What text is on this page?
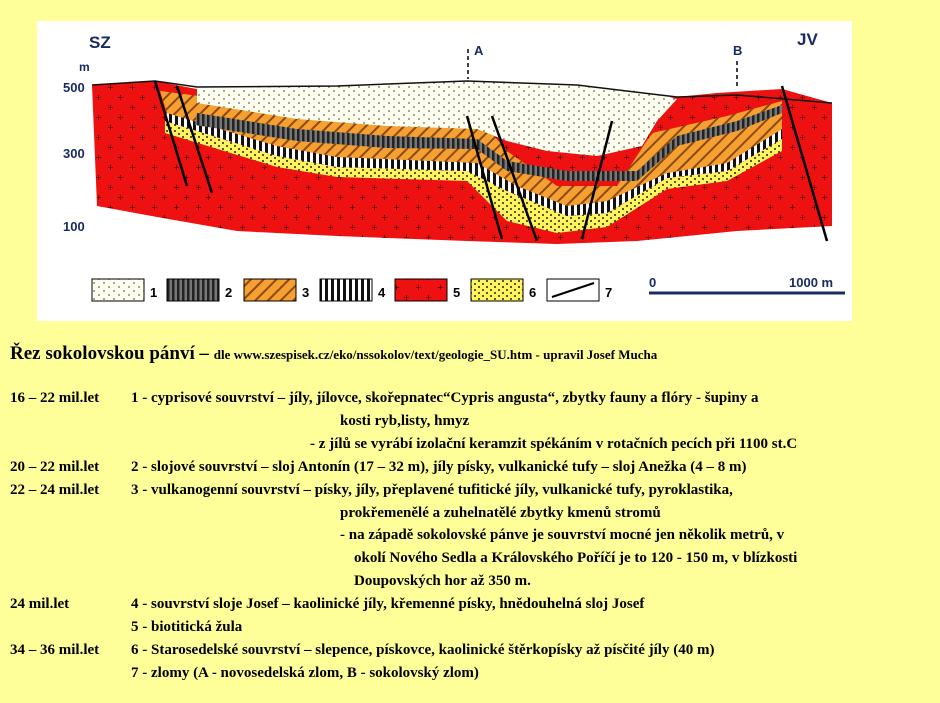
SZ	JV
m
500
300
100
A	B
1	2	3	4	5	6	7
0	1000 m
Řez sokolovskou pánví – dle www.szespisek.cz/eko/nssokolov/text/geologie_SU.htm - upravil Josef Mucha
16 – 22 mil.let 1 - cyprisové souvrství – jíly, jílovce, skořepnatec“Cypris angusta“, zbytky fauny a flóry - šupiny a
kosti ryb,listy, hmyz
- z jílů se vyrábí izolační keramzit spékáním v rotačních pecích při 1100 st.C
20 – 22 mil.let 2 - slojové souvrství – sloj Antonín (17 – 32 m), jíly písky, vulkanické tufy – sloj Anežka (4 – 8 m)
22 – 24 mil.let 3 - vulkanogenní souvrství – písky, jíly, přeplavené tufitické jíly, vulkanické tufy, pyroklastika,
prokřemenělé a zuhelnatělé zbytky kmenů stromů
- na západě sokolovské pánve je souvrství mocné jen několik metrů, v
okolí Nového Sedla a Královského Poříčí je to 120 - 150 m, v blízkosti
Doupovských hor až 350 m.
24 mil.let	4 - souvrství sloje Josef – kaolinické jíly, křemenné písky, hnědouhelná sloj Josef
5 - biotitická žula
34 – 36 mil.let 6 - Starosedelské souvrství – slepence, pískovce, kaolinické štěrkopísky až písčité jíly (40 m)
7 - zlomy (A - novosedelská zlom, B - sokolovský zlom)
